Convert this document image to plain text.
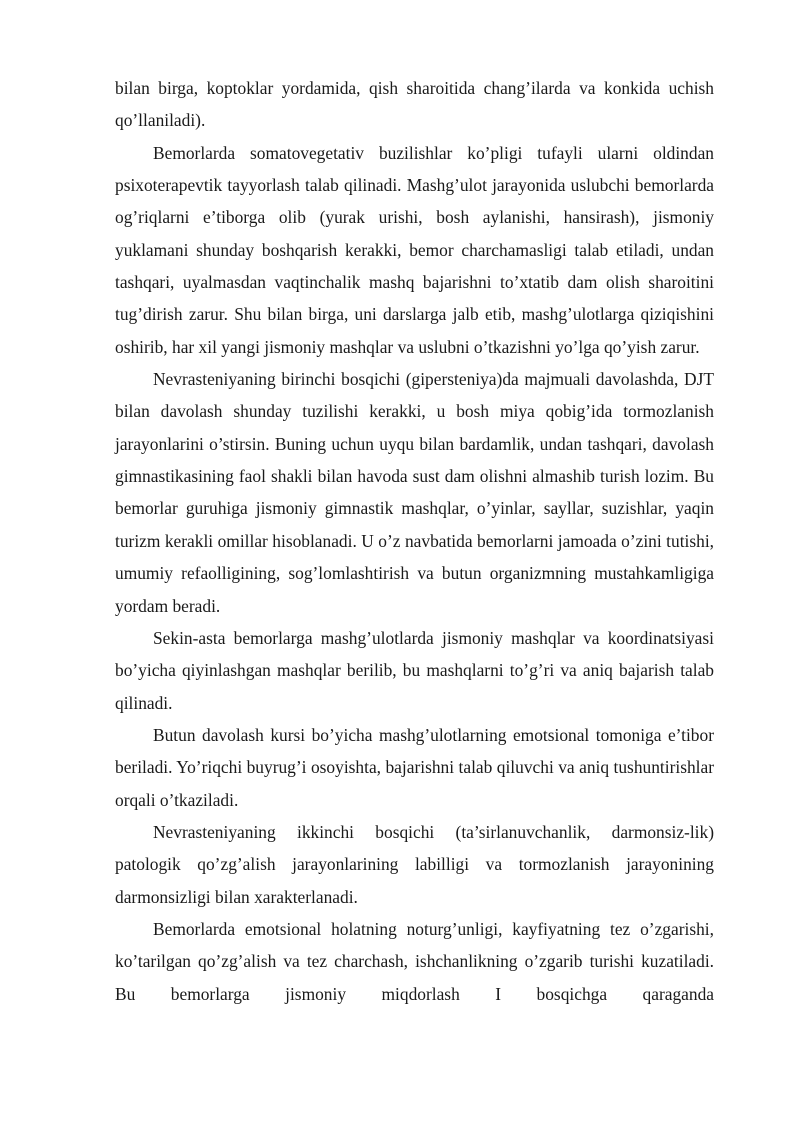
bilan birga, koptoklar yordamida, qish sharoitida chang’ilarda va konkida uchish qo’llaniladi).

Bemorlarda somatovegetativ buzilishlar ko’pligi tufayli ularni oldindan psixoterapevtik tayyorlash talab qilinadi. Mashg’ulot jarayonida uslubchi bemorlarda og’riqlarni e’tiborga olib (yurak urishi, bosh aylanishi, hansirash), jismoniy yuklamani shunday boshqarish kerakki, bemor charchamasligi talab etiladi, undan tashqari, uyalmasdan vaqtinchalik mashq bajarishni to’xtatib dam olish sharoitini tug’dirish zarur. Shu bilan birga, uni darslarga jalb etib, mashg’ulotlarga qiziqishini oshirib, har xil yangi jismoniy mashqlar va uslubni o’tkazishni yo’lga qo’yish zarur.

Nevrasteniyaning birinchi bosqichi (gipersteniya)da majmuali davolashda, DJT bilan davolash shunday tuzilishi kerakki, u bosh miya qobig’ida tormozlanish jarayonlarini o’stirsin. Buning uchun uyqu bilan bardamlik, undan tashqari, davolash gimnastikasining faol shakli bilan havoda sust dam olishni almashib turish lozim. Bu bemorlar guruhiga jismoniy gimnastik mashqlar, o’yinlar, sayllar, suzishlar, yaqin turizm kerakli omillar hisoblanadi. U o’z navbatida bemorlarni jamoada o’zini tutishi, umumiy refaolligining, sog’lomlashtirish va butun organizmning mustahkamligiga yordam beradi.

Sekin-asta bemorlarga mashg’ulotlarda jismoniy mashqlar va koordinatsiyasi bo’yicha qiyinlashgan mashqlar berilib, bu mashqlarni to’g’ri va aniq bajarish talab qilinadi.

Butun davolash kursi bo’yicha mashg’ulotlarning emotsional tomoniga e’tibor beriladi. Yo’riqchi buyrug’i osoyishta, bajarishni talab qiluvchi va aniq tushuntirishlar orqali o’tkaziladi.

Nevrasteniyaning ikkinchi bosqichi (ta’sirlanuvchanlik, darmonsiz-lik) patologik qo’zg’alish jarayonlarining labilligi va tormozlanish jarayonining darmonsizligi bilan xarakterlanadi.

Bemorlarda emotsional holatning noturg’unligi, kayfiyatning tez o’zgarishi, ko’tarilgan qo’zg’alish va tez charchash, ishchanlikning o’zgarib turishi kuzatiladi. Bu bemorlarga jismoniy miqdorlash I bosqichga qaraganda
